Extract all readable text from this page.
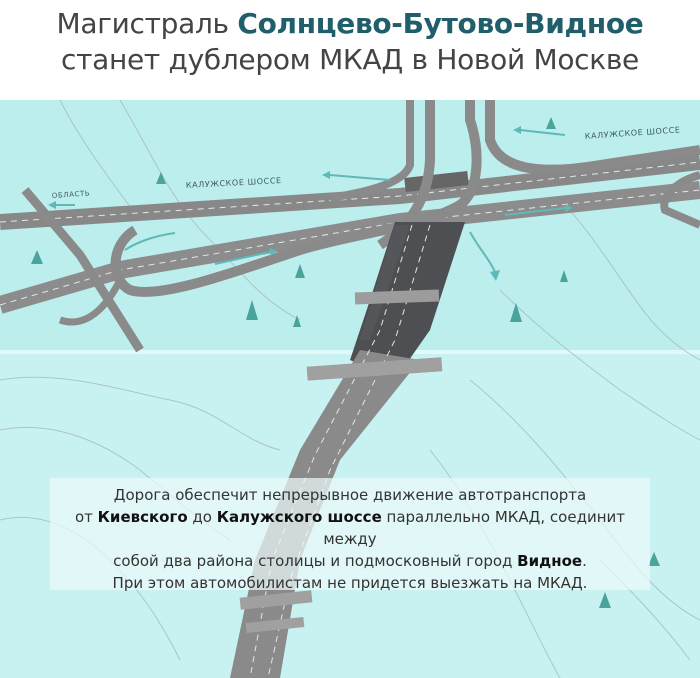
Магистраль Солнцево-Бутово-Видное
станет дублером МКАД в Новой Москве
КАЛУЖСКОЕ ШОССЕ
КАЛУЖСКОЕ ШОССЕ
ОБЛАСТЬ
Дорога обеспечит непрерывное движение автотранспорта
от Киевского до Калужского шоссе параллельно МКАД, соединит между
собой два района столицы и подмосковный город Видное.
При этом автомобилистам не придется выезжать на МКАД.
